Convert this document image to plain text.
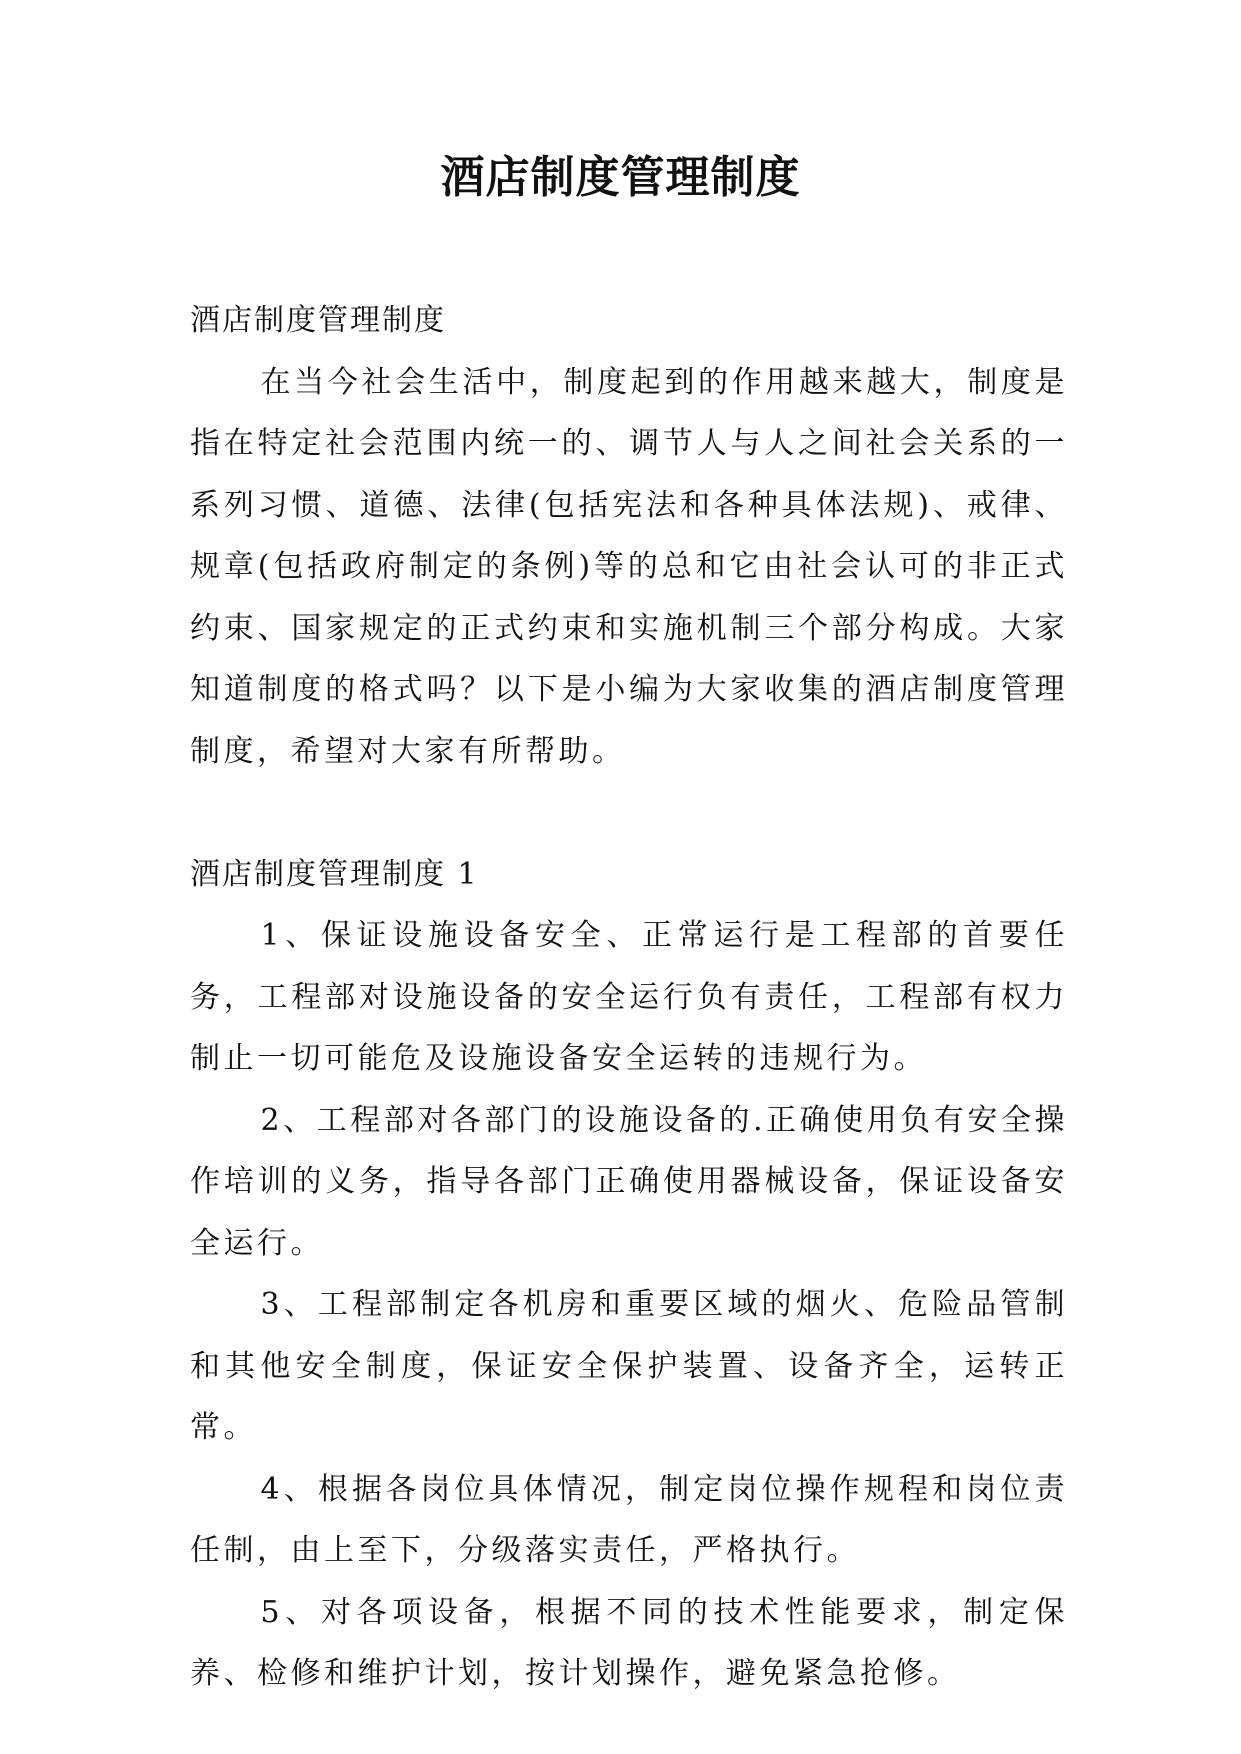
酒店制度管理制度

酒店制度管理制度

在当今社会生活中，制度起到的作用越来越大，制度是指在特定社会范围内统一的、调节人与人之间社会关系的一系列习惯、道德、法律(包括宪法和各种具体法规)、戒律、规章(包括政府制定的条例)等的总和它由社会认可的非正式约束、国家规定的正式约束和实施机制三个部分构成。大家知道制度的格式吗？以下是小编为大家收集的酒店制度管理制度，希望对大家有所帮助。

酒店制度管理制度 1

1、保证设施设备安全、正常运行是工程部的首要任务，工程部对设施设备的安全运行负有责任，工程部有权力制止一切可能危及设施设备安全运转的违规行为。

2、工程部对各部门的设施设备的.正确使用负有安全操作培训的义务，指导各部门正确使用器械设备，保证设备安全运行。

3、工程部制定各机房和重要区域的烟火、危险品管制和其他安全制度，保证安全保护装置、设备齐全，运转正常。

4、根据各岗位具体情况，制定岗位操作规程和岗位责任制，由上至下，分级落实责任，严格执行。

5、对各项设备，根据不同的技术性能要求，制定保养、检修和维护计划，按计划操作，避免紧急抢修。
